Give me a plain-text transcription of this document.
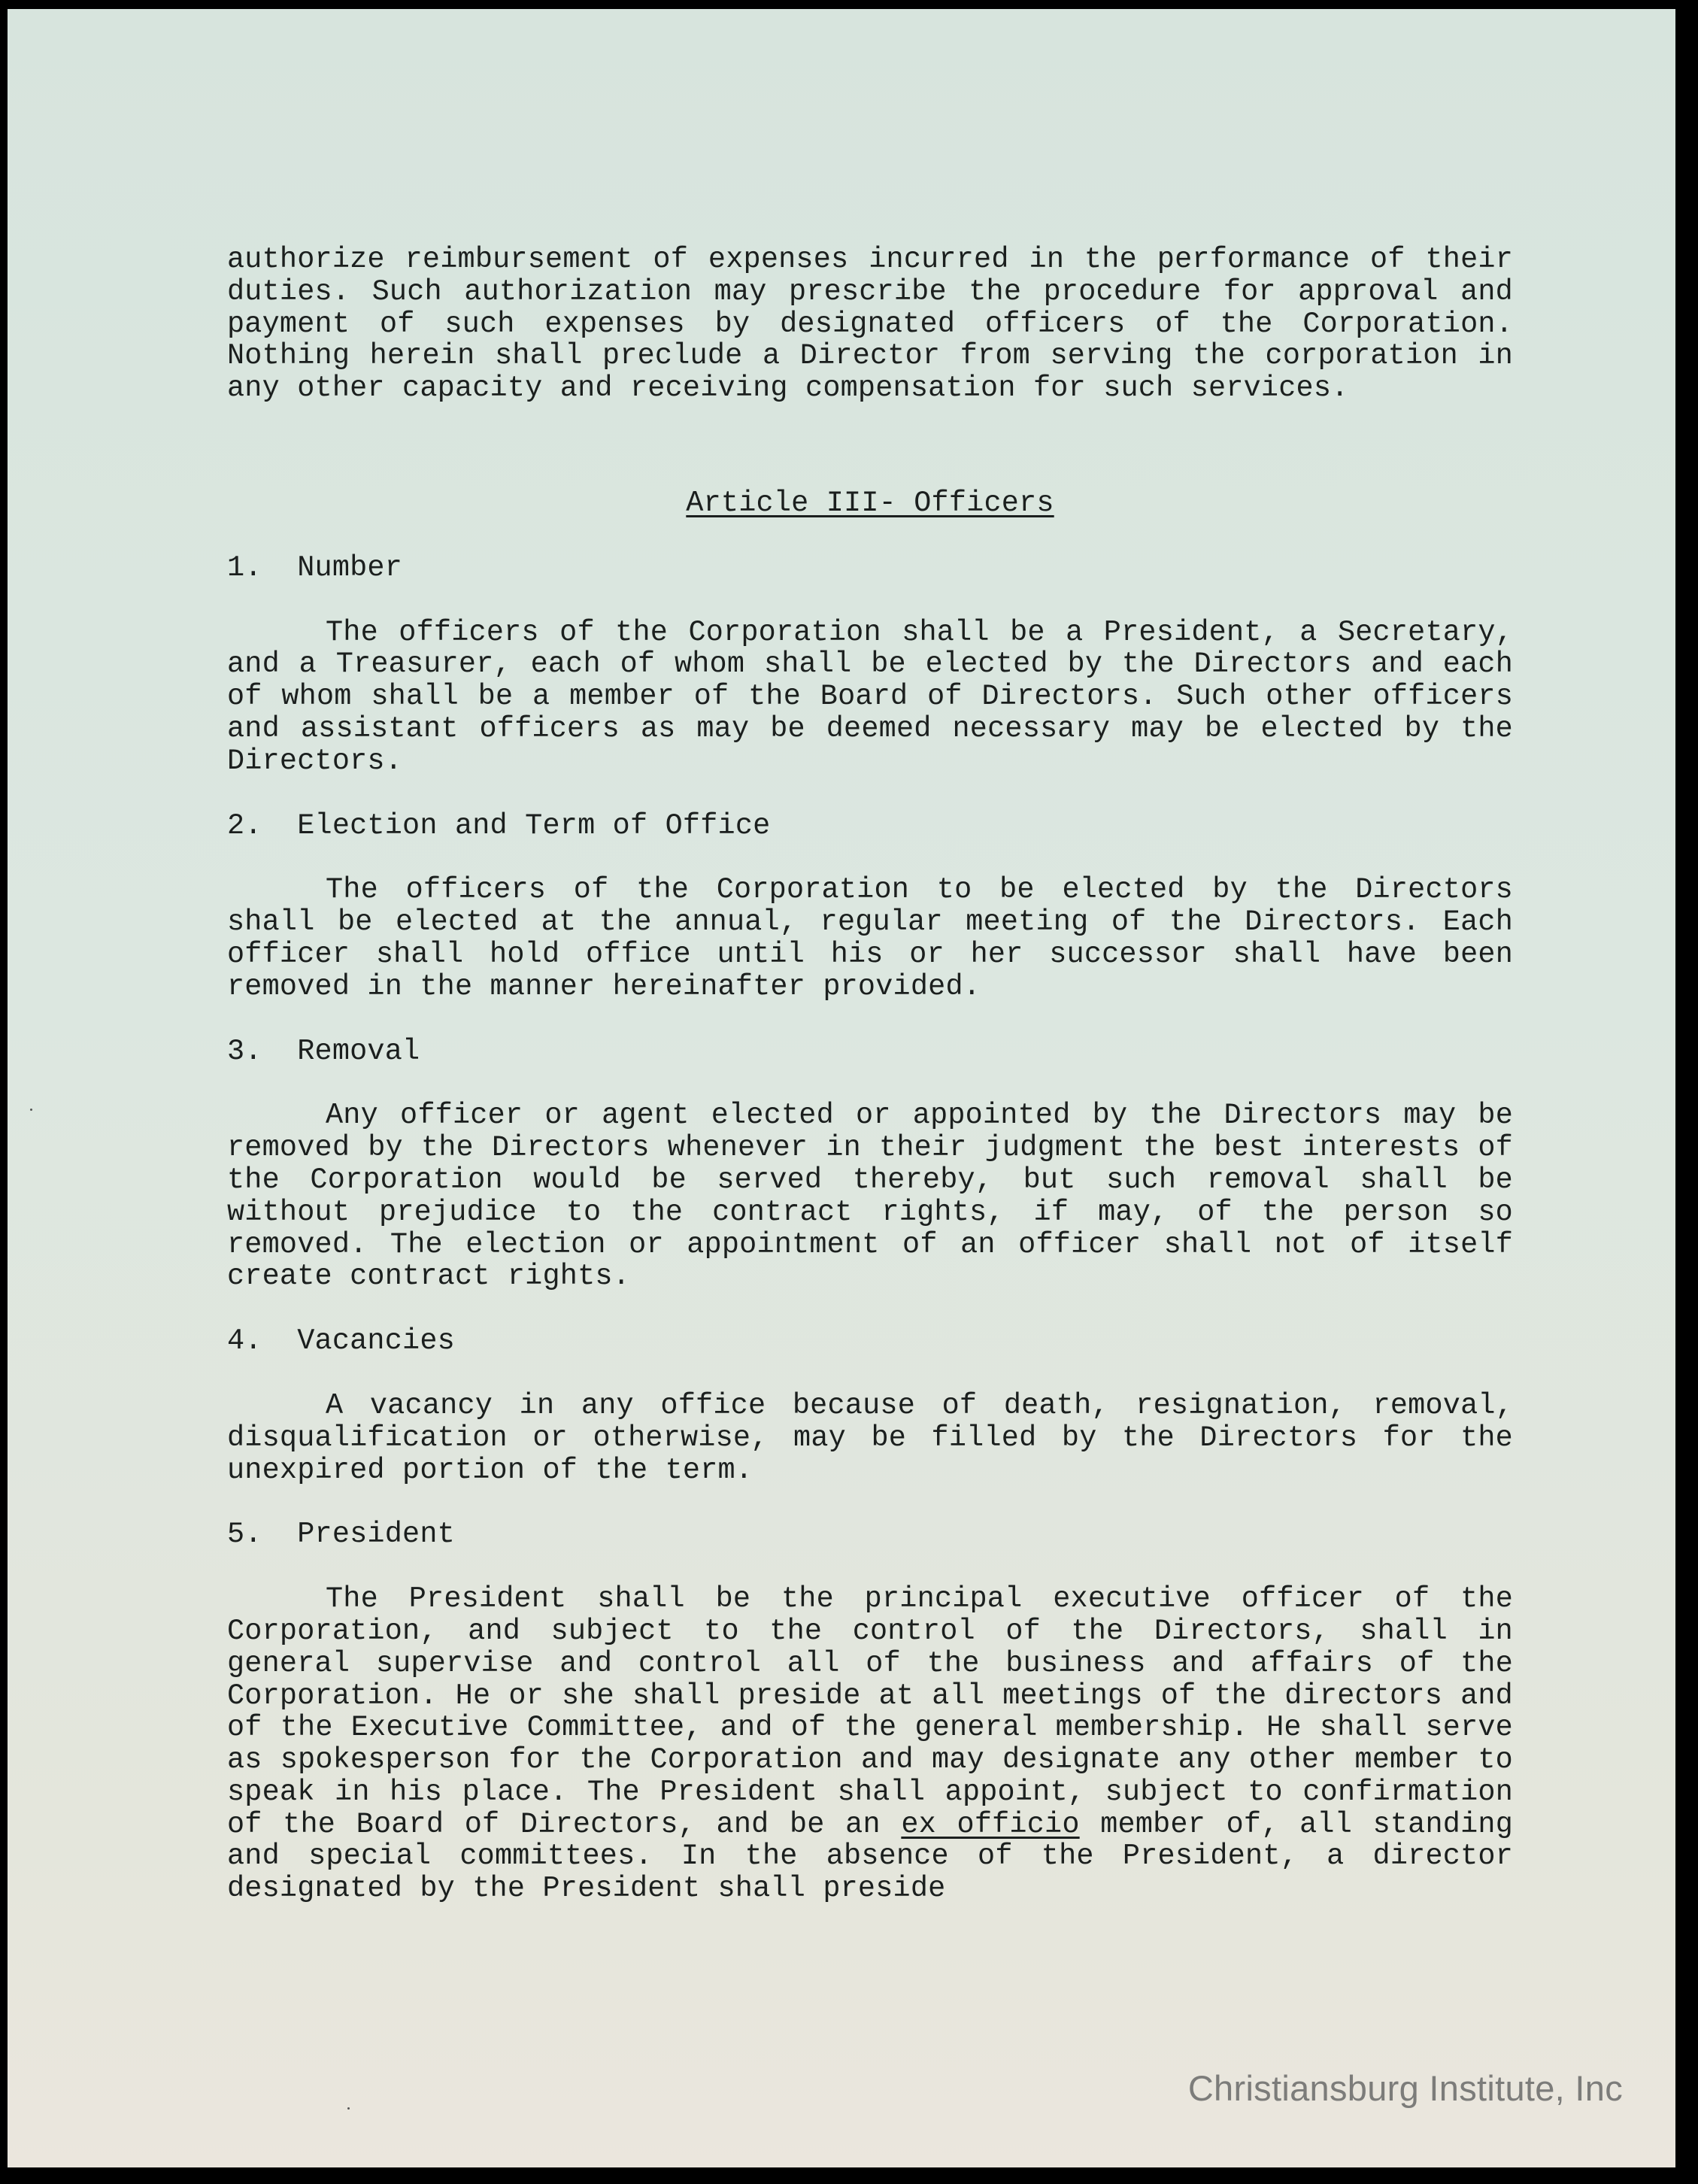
authorize reimbursement of expenses incurred in the performance of their duties. Such authorization may prescribe the procedure for approval and payment of such expenses by designated officers of the Corporation. Nothing herein shall preclude a Director from serving the corporation in any other capacity and receiving compensation for such services.

Article III- Officers

1. Number

The officers of the Corporation shall be a President, a Secretary, and a Treasurer, each of whom shall be elected by the Directors and each of whom shall be a member of the Board of Directors. Such other officers and assistant officers as may be deemed necessary may be elected by the Directors.

2. Election and Term of Office

The officers of the Corporation to be elected by the Directors shall be elected at the annual, regular meeting of the Directors. Each officer shall hold office until his or her successor shall have been removed in the manner hereinafter provided.

3. Removal

Any officer or agent elected or appointed by the Directors may be removed by the Directors whenever in their judgment the best interests of the Corporation would be served thereby, but such removal shall be without prejudice to the contract rights, if may, of the person so removed. The election or appointment of an officer shall not of itself create contract rights.

4. Vacancies

A vacancy in any office because of death, resignation, removal, disqualification or otherwise, may be filled by the Directors for the unexpired portion of the term.

5. President

The President shall be the principal executive officer of the Corporation, and subject to the control of the Directors, shall in general supervise and control all of the business and affairs of the Corporation. He or she shall preside at all meetings of the directors and of the Executive Committee, and of the general membership. He shall serve as spokesperson for the Corporation and may designate any other member to speak in his place. The President shall appoint, subject to confirmation of the Board of Directors, and be an ex officio member of, all standing and special committees. In the absence of the President, a director designated by the President shall preside

Christiansburg Institute, Inc
